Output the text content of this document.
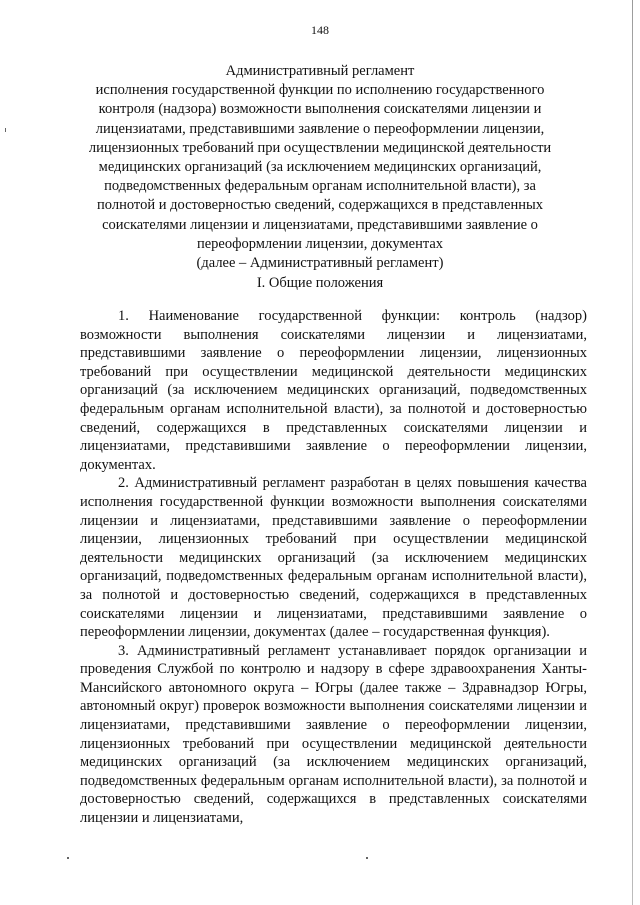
148
Административный регламент
исполнения государственной функции по исполнению государственного
контроля (надзора) возможности выполнения соискателями лицензии и
лицензиатами, представившими заявление о переоформлении лицензии,
лицензионных требований при осуществлении медицинской деятельности
медицинских организаций (за исключением медицинских организаций,
подведомственных федеральным органам исполнительной власти), за
полнотой и достоверностью сведений, содержащихся в представленных
соискателями лицензии и лицензиатами, представившими заявление о
переоформлении лицензии, документах
(далее – Административный регламент)
I. Общие положения

1. Наименование государственной функции: контроль (надзор) возможности выполнения соискателями лицензии и лицензиатами, представившими заявление о переоформлении лицензии, лицензионных требований при осуществлении медицинской деятельности медицинских организаций (за исключением медицинских организаций, подведомственных федеральным органам исполнительной власти), за полнотой и достоверностью сведений, содержащихся в представленных соискателями лицензии и лицензиатами, представившими заявление о переоформлении лицензии, документах.

2. Административный регламент разработан в целях повышения качества исполнения государственной функции возможности выполнения соискателями лицензии и лицензиатами, представившими заявление о переоформлении лицензии, лицензионных требований при осуществлении медицинской деятельности медицинских организаций (за исключением медицинских организаций, подведомственных федеральным органам исполнительной власти), за полнотой и достоверностью сведений, содержащихся в представленных соискателями лицензии и лицензиатами, представившими заявление о переоформлении лицензии, документах (далее – государственная функция).

3. Административный регламент устанавливает порядок организации и проведения Службой по контролю и надзору в сфере здравоохранения Ханты-Мансийского автономного округа – Югры (далее также – Здравнадзор Югры, автономный округ) проверок возможности выполнения соискателями лицензии и лицензиатами, представившими заявление о переоформлении лицензии, лицензионных требований при осуществлении медицинской деятельности медицинских организаций (за исключением медицинских организаций, подведомственных федеральным органам исполнительной власти), за полнотой и достоверностью сведений, содержащихся в представленных соискателями лицензии и лицензиатами,
